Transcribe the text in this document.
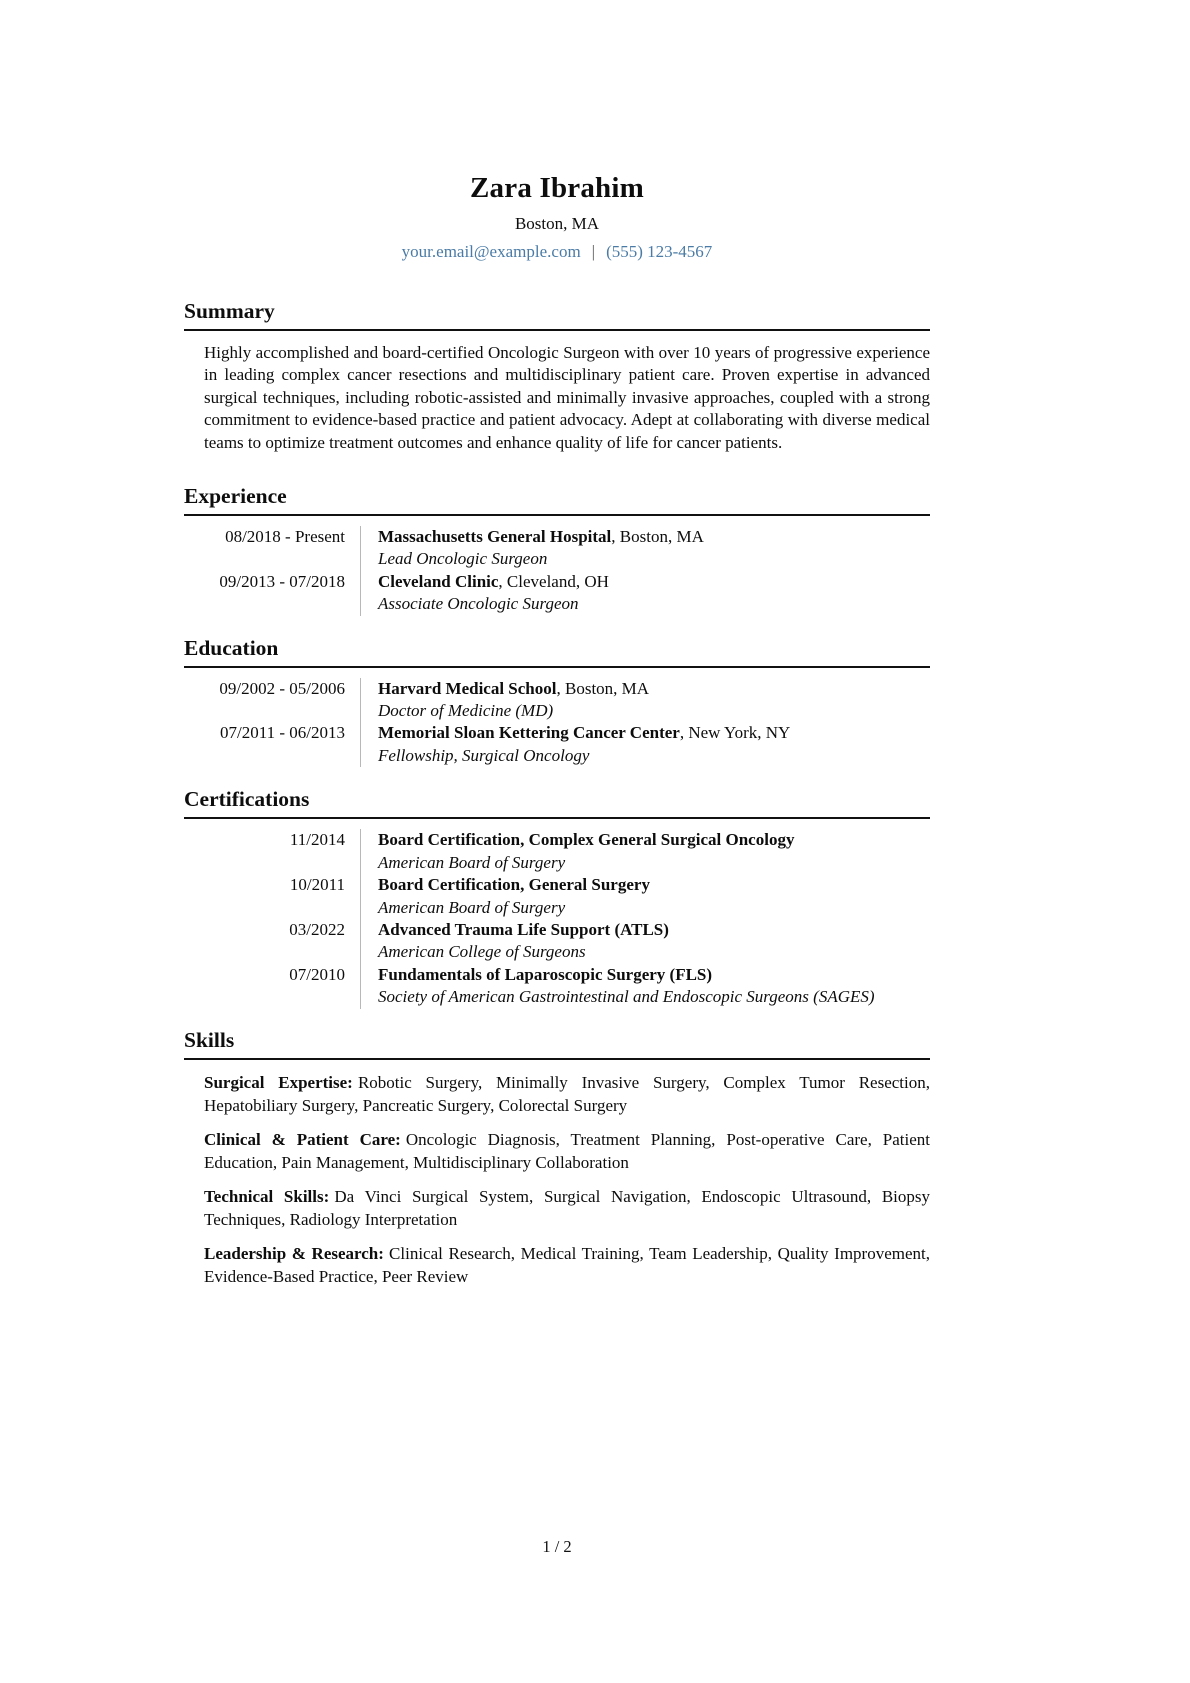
Zara Ibrahim
Boston, MA
your.email@example.com | (555) 123-4567
Summary
Highly accomplished and board-certified Oncologic Surgeon with over 10 years of progressive experience in leading complex cancer resections and multidisciplinary patient care. Proven expertise in advanced surgical techniques, including robotic-assisted and minimally invasive approaches, coupled with a strong commitment to evidence-based practice and patient advocacy. Adept at collaborating with diverse medical teams to optimize treatment outcomes and enhance quality of life for cancer patients.
Experience
08/2018 - Present Massachusetts General Hospital, Boston, MA
Lead Oncologic Surgeon
09/2013 - 07/2018 Cleveland Clinic, Cleveland, OH
Associate Oncologic Surgeon
Education
09/2002 - 05/2006 Harvard Medical School, Boston, MA
Doctor of Medicine (MD)
07/2011 - 06/2013 Memorial Sloan Kettering Cancer Center, New York, NY
Fellowship, Surgical Oncology
Certifications
11/2014 Board Certification, Complex General Surgical Oncology
American Board of Surgery
10/2011 Board Certification, General Surgery
American Board of Surgery
03/2022 Advanced Trauma Life Support (ATLS)
American College of Surgeons
07/2010 Fundamentals of Laparoscopic Surgery (FLS)
Society of American Gastrointestinal and Endoscopic Surgeons (SAGES)
Skills
Surgical Expertise: Robotic Surgery, Minimally Invasive Surgery, Complex Tumor Resection, Hepatobiliary Surgery, Pancreatic Surgery, Colorectal Surgery
Clinical & Patient Care: Oncologic Diagnosis, Treatment Planning, Post-operative Care, Patient Education, Pain Management, Multidisciplinary Collaboration
Technical Skills: Da Vinci Surgical System, Surgical Navigation, Endoscopic Ultrasound, Biopsy Techniques, Radiology Interpretation
Leadership & Research: Clinical Research, Medical Training, Team Leadership, Quality Improvement, Evidence-Based Practice, Peer Review
1 / 2
